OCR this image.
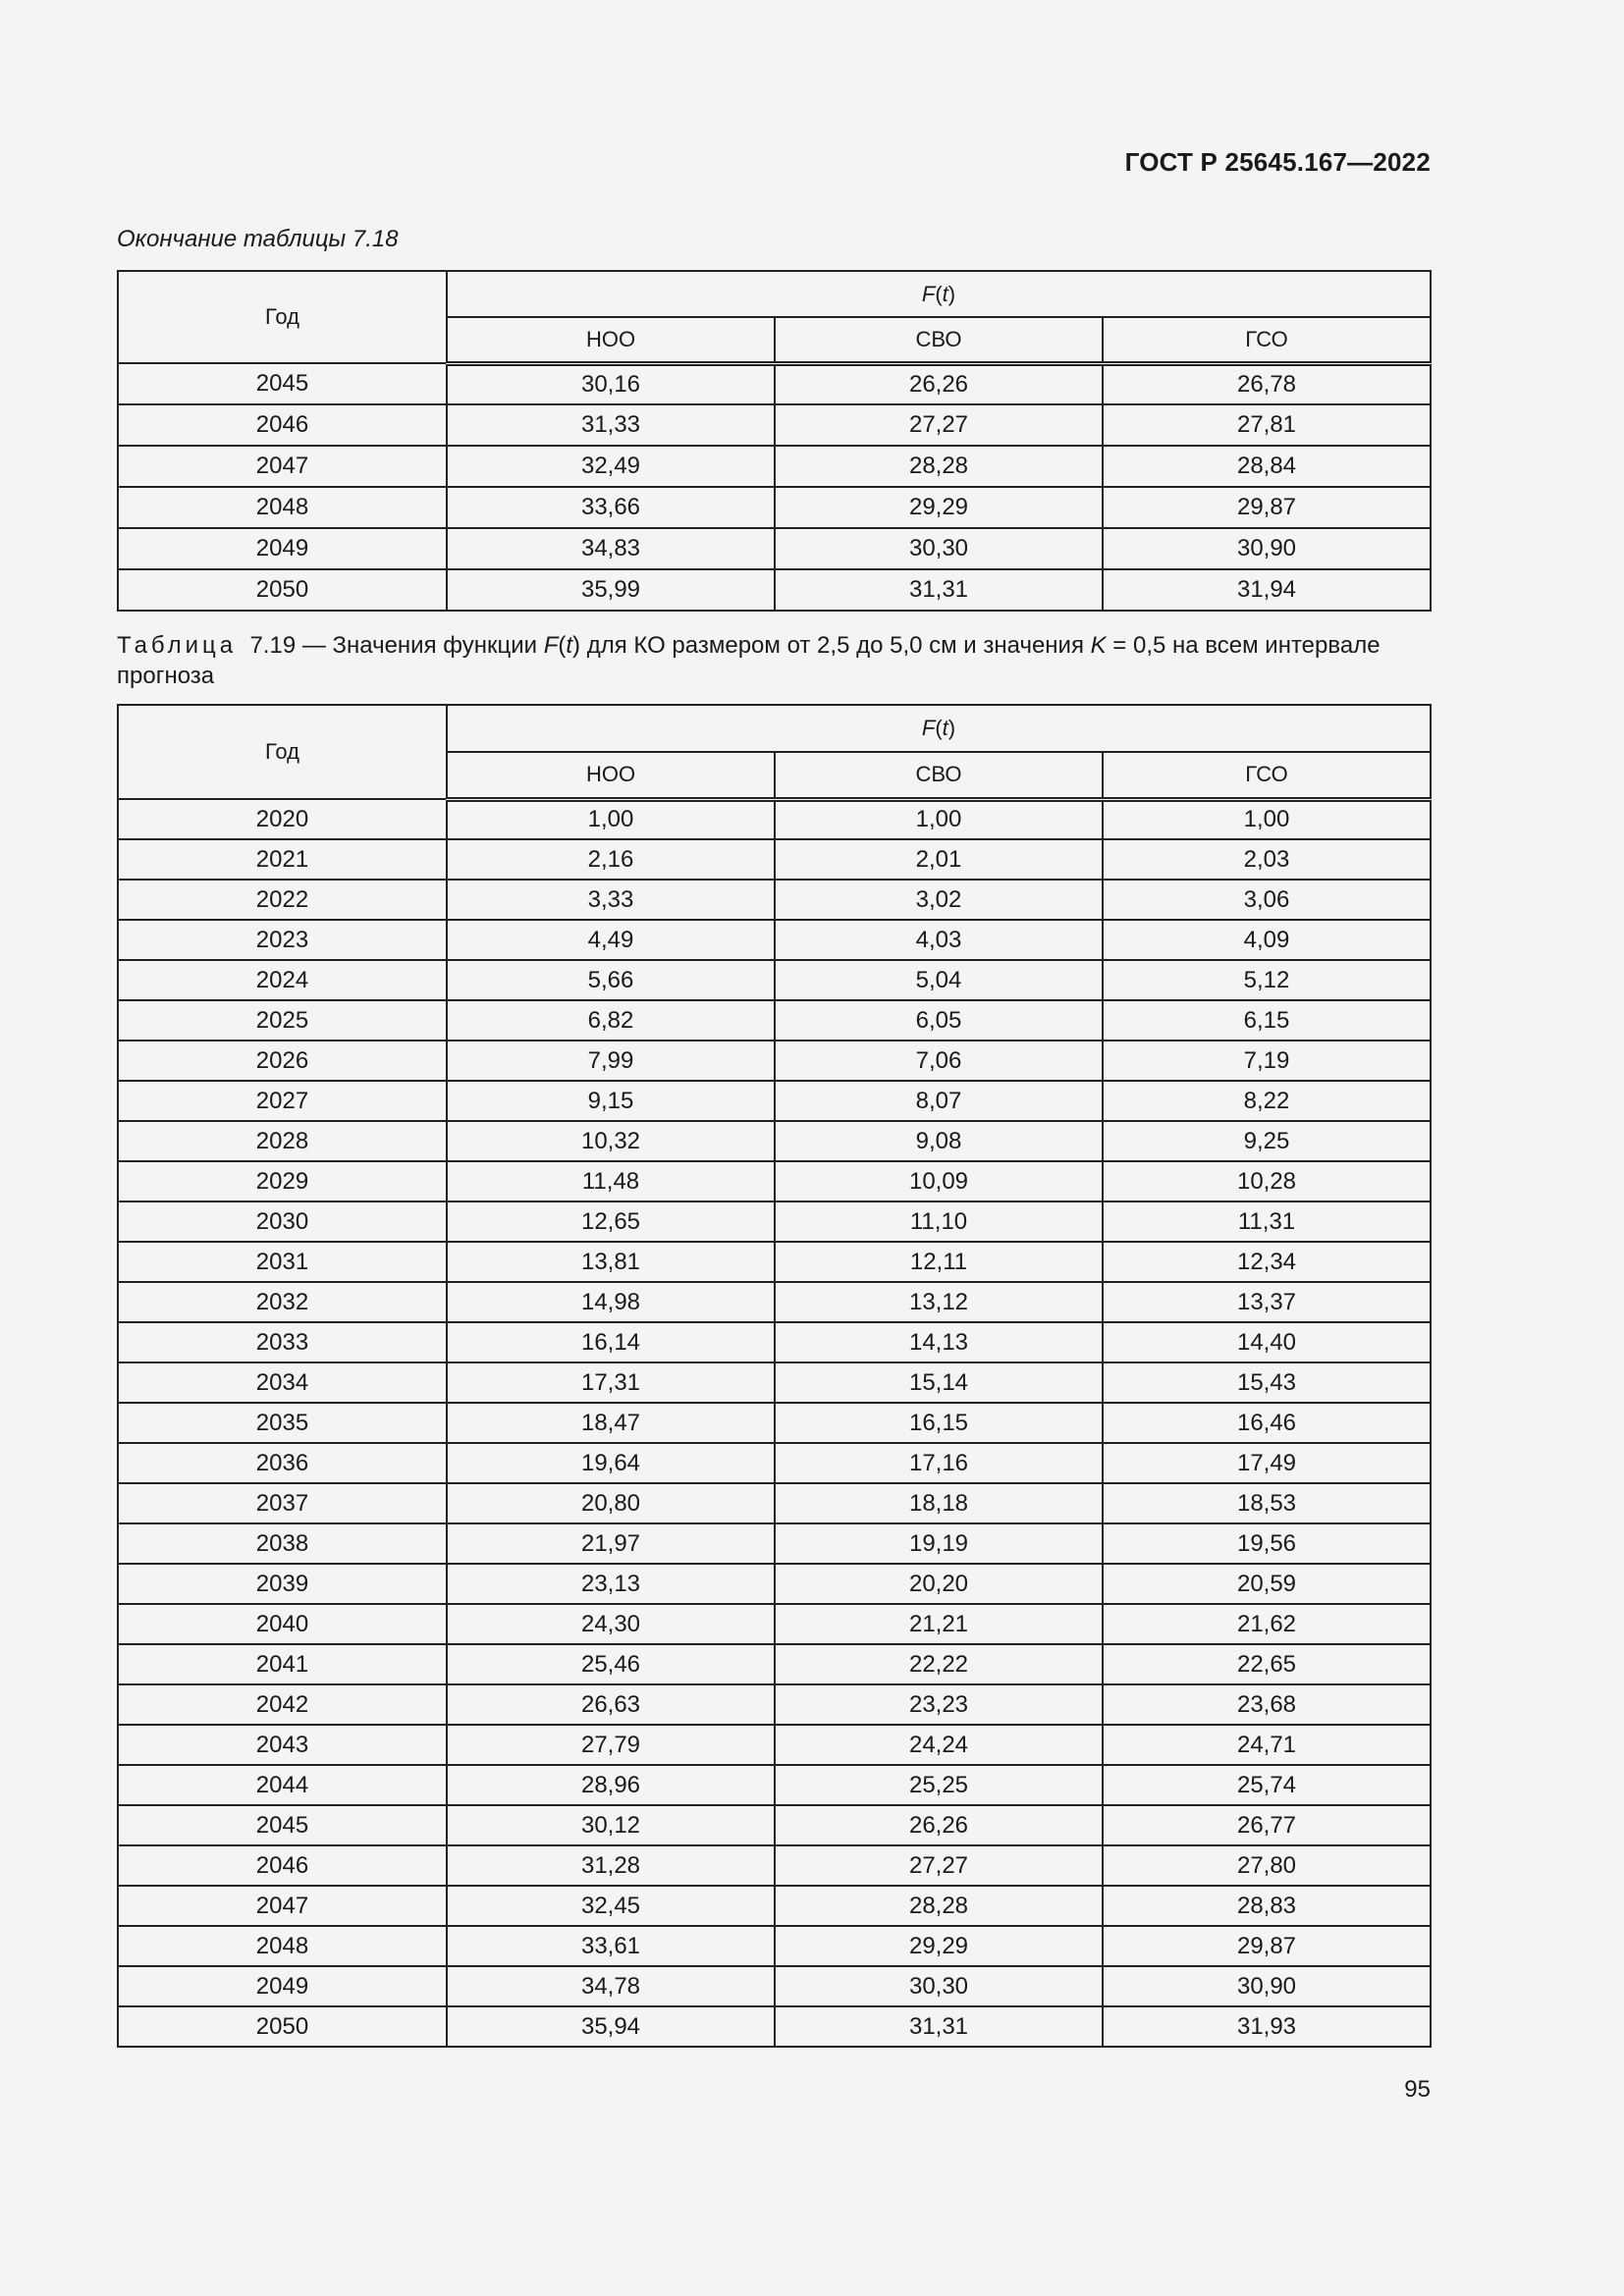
ГОСТ Р 25645.167—2022
Окончание таблицы 7.18
Год	F(t)		
	НОО	СВО	ГСО
2045	30,16	26,26	26,78
2046	31,33	27,27	27,81
2047	32,49	28,28	28,84
2048	33,66	29,29	29,87
2049	34,83	30,30	30,90
2050	35,99	31,31	31,94
Таблица 7.19 — Значения функции F(t) для КО размером от 2,5 до 5,0 см и значения K = 0,5 на всем интервале прогноза
Год	F(t)		
	НОО	СВО	ГСО
2020	1,00	1,00	1,00
2021	2,16	2,01	2,03
2022	3,33	3,02	3,06
2023	4,49	4,03	4,09
2024	5,66	5,04	5,12
2025	6,82	6,05	6,15
2026	7,99	7,06	7,19
2027	9,15	8,07	8,22
2028	10,32	9,08	9,25
2029	11,48	10,09	10,28
2030	12,65	11,10	11,31
2031	13,81	12,11	12,34
2032	14,98	13,12	13,37
2033	16,14	14,13	14,40
2034	17,31	15,14	15,43
2035	18,47	16,15	16,46
2036	19,64	17,16	17,49
2037	20,80	18,18	18,53
2038	21,97	19,19	19,56
2039	23,13	20,20	20,59
2040	24,30	21,21	21,62
2041	25,46	22,22	22,65
2042	26,63	23,23	23,68
2043	27,79	24,24	24,71
2044	28,96	25,25	25,74
2045	30,12	26,26	26,77
2046	31,28	27,27	27,80
2047	32,45	28,28	28,83
2048	33,61	29,29	29,87
2049	34,78	30,30	30,90
2050	35,94	31,31	31,93
95
